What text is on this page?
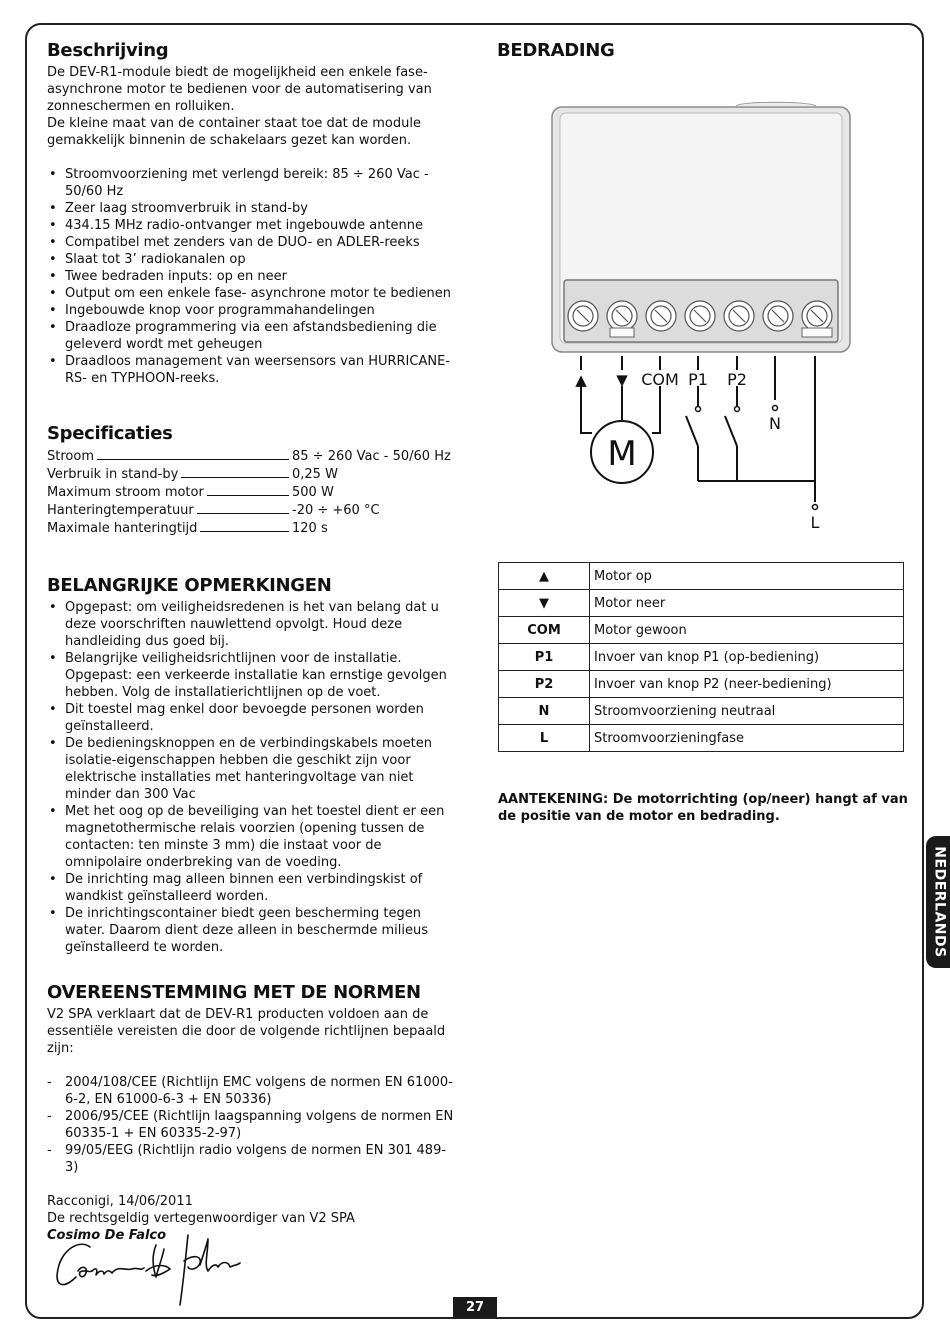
Beschrijving

De DEV-R1-module biedt de mogelijkheid een enkele fase-asynchrone motor te bedienen voor de automatisering van zonneschermen en rolluiken.

De kleine maat van de container staat toe dat de module gemakkelijk binnenin de schakelaars gezet kan worden.

• Stroomvoorziening met verlengd bereik: 85 ÷ 260 Vac - 50/60 Hz
• Zeer laag stroomverbruik in stand-by
• 434.15 MHz radio-ontvanger met ingebouwde antenne
• Compatibel met zenders van de DUO- en ADLER-reeks
• Slaat tot 3’ radiokanalen op
• Twee bedraden inputs: op en neer
• Output om een enkele fase- asynchrone motor te bedienen
• Ingebouwde knop voor programmahandelingen
• Draadloze programmering via een afstandsbediening die geleverd wordt met geheugen
• Draadloos management van weersensors van HURRICANE-RS- en TYPHOON-reeks.
Specificaties
Stroom	85 ÷ 260 Vac - 50/60 Hz
Verbruik in stand-by	0,25 W
Maximum stroom motor	500 W
Hanteringtemperatuur	-20 ÷ +60 °C
Maximale hanteringtijd	120 s
BELANGRIJKE OPMERKINGEN
• Opgepast: om veiligheidsredenen is het van belang dat u deze voorschriften nauwlettend opvolgt. Houd deze handleiding dus goed bij.
• Belangrijke veiligheidsrichtlijnen voor de installatie. Opgepast: een verkeerde installatie kan ernstige gevolgen hebben. Volg de installatierichtlijnen op de voet.
• Dit toestel mag enkel door bevoegde personen worden geïnstalleerd.
• De bedieningsknoppen en de verbindingskabels moeten isolatie-eigenschappen hebben die geschikt zijn voor elektrische installaties met hanteringvoltage van niet minder dan 300 Vac
• Met het oog op de beveiliging van het toestel dient er een magnetothermische relais voorzien (opening tussen de contacten: ten minste 3 mm) die instaat voor de omnipolaire onderbreking van de voeding.
• De inrichting mag alleen binnen een verbindingskist of wandkist geïnstalleerd worden.
• De inrichtingscontainer biedt geen bescherming tegen water. Daarom dient deze alleen in beschermde milieus geïnstalleerd te worden.
OVEREENSTEMMING MET DE NORMEN

V2 SPA verklaart dat de DEV-R1 producten voldoen aan de essentiële vereisten die door de volgende richtlijnen bepaald zijn:

- 2004/108/CEE (Richtlijn EMC volgens de normen EN 61000-6-2, EN 61000-6-3 + EN 50336)
- 2006/95/CEE (Richtlijn laagspanning volgens de normen EN 60335-1 + EN 60335-2-97)
- 99/05/EEG (Richtlijn radio volgens de normen EN 301 489-3)

Racconigi, 14/06/2011

De rechtsgeldig vertegenwoordiger van V2 SPA

Cosimo De Falco

BEDRADING
M
▲ ▼ COM P1 P2
N
L
▲	Motor op
▼	Motor neer
COM	Motor gewoon
P1	Invoer van knop P1 (op-bediening)
P2	Invoer van knop P2 (neer-bediening)
N	Stroomvoorziening neutraal
L	Stroomvoorzieningfase
AANTEKENING: De motorrichting (op/neer) hangt af van de positie van de motor en bedrading.
NEDERLANDS
27
